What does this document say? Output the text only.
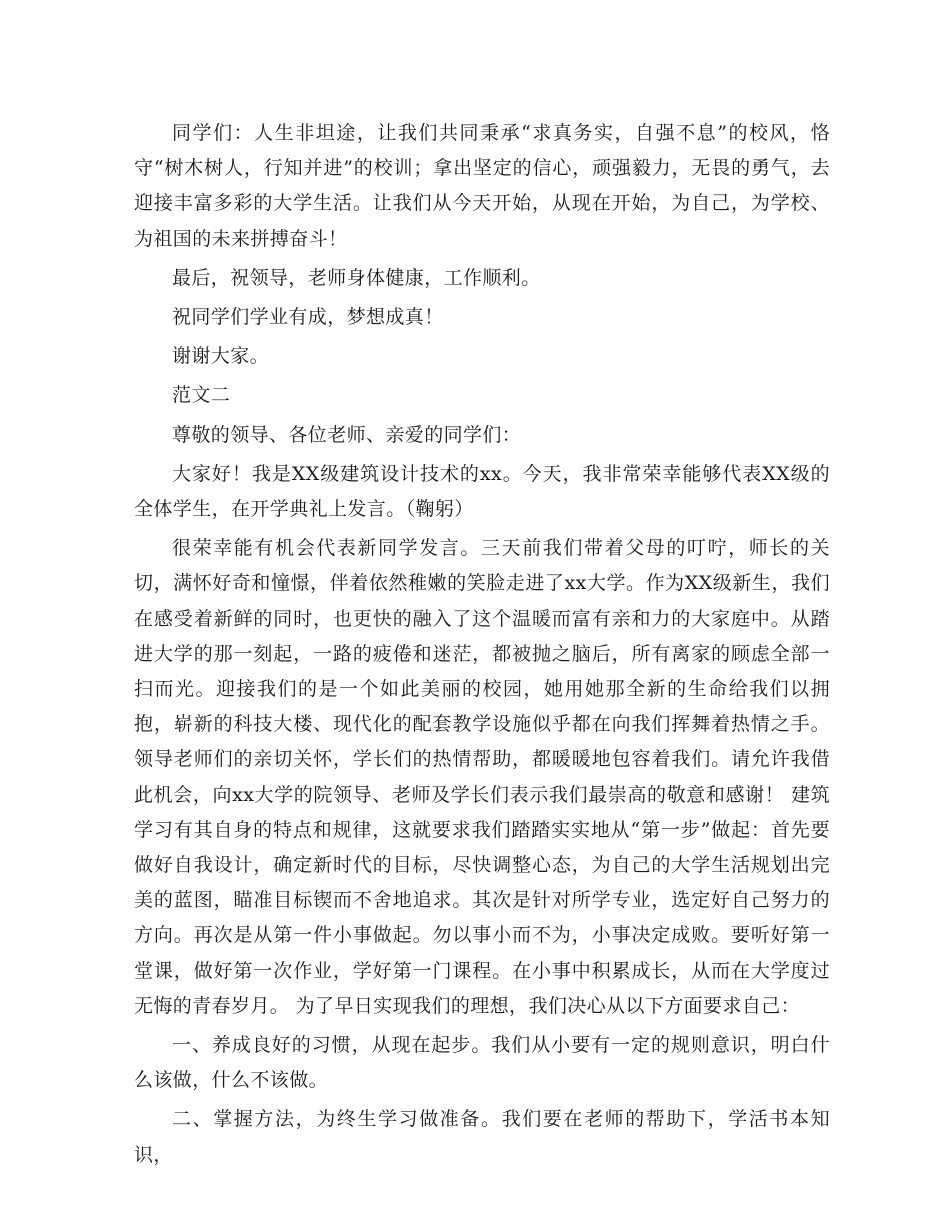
同学们：人生非坦途，让我们共同秉承“求真务实，自强不息”的校风，恪守“树木树人，行知并进”的校训；拿出坚定的信心，顽强毅力，无畏的勇气，去迎接丰富多彩的大学生活。让我们从今天开始，从现在开始，为自己，为学校、为祖国的未来拼搏奋斗！

最后，祝领导，老师身体健康，工作顺利。

祝同学们学业有成，梦想成真！

谢谢大家。

范文二

尊敬的领导、各位老师、亲爱的同学们：

大家好！我是XX级建筑设计技术的xx。今天，我非常荣幸能够代表XX级的全体学生，在开学典礼上发言。（鞠躬）

很荣幸能有机会代表新同学发言。三天前我们带着父母的叮咛，师长的关切，满怀好奇和憧憬，伴着依然稚嫩的笑脸走进了xx大学。作为XX级新生，我们在感受着新鲜的同时，也更快的融入了这个温暖而富有亲和力的大家庭中。从踏进大学的那一刻起，一路的疲倦和迷茫，都被抛之脑后，所有离家的顾虑全部一扫而光。迎接我们的是一个如此美丽的校园，她用她那全新的生命给我们以拥抱，崭新的科技大楼、现代化的配套教学设施似乎都在向我们挥舞着热情之手。领导老师们的亲切关怀，学长们的热情帮助，都暖暖地包容着我们。请允许我借此机会，向xx大学的院领导、老师及学长们表示我们最崇高的敬意和感谢！ 建筑学习有其自身的特点和规律，这就要求我们踏踏实实地从“第一步”做起：首先要做好自我设计，确定新时代的目标，尽快调整心态，为自己的大学生活规划出完美的蓝图，瞄准目标锲而不舍地追求。其次是针对所学专业，选定好自己努力的方向。再次是从第一件小事做起。勿以事小而不为，小事决定成败。要听好第一堂课，做好第一次作业，学好第一门课程。在小事中积累成长，从而在大学度过无悔的青春岁月。 为了早日实现我们的理想，我们决心从以下方面要求自己：

一、养成良好的习惯，从现在起步。我们从小要有一定的规则意识，明白什么该做，什么不该做。

二、掌握方法，为终生学习做准备。我们要在老师的帮助下，学活书本知识，
